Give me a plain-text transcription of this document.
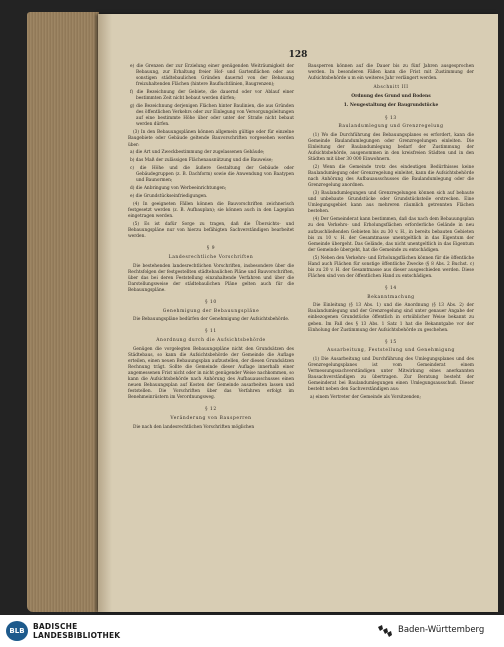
128
e) die Grenzen der zur Erzielung einer genügenden Weiträumigkeit der Bebauung, zur Erhaltung freier Hof- und Gartenflächen oder aus sonstigen städtebaulichen Gründen dauernd von der Bebauung freizuhaltenden Flächen (hintere Baufluchtlinien, Baugrenzen);
f) die Bezeichnung der Gebiete, die dauernd oder vor Ablauf einer bestimmten Zeit nicht bebaut werden dürfen;
g) die Bezeichnung derjenigen Flächen hinter Baulinien, die aus Gründen des öffentlichen Verkehrs oder zur Einlegung von Versorgungsleitungen auf eine bestimmte Höhe über oder unter der Straße nicht bebaut werden dürfen.
(3) In den Bebauungsplänen können allgemein gültige oder für einzelne Baugebiete oder Gebäude geltende Bauvorschriften vorgesehen werden über:
a) die Art und Zweckbestimmung der zugelassenen Gebäude;
b) das Maß der zulässigen Flächenausnützung und die Bauweise;
c) die Höhe und die äußere Gestaltung der Gebäude oder Gebäudegruppen (z. B. Dachform) sowie die Anwendung von Baatypen und Baunormen;
d) die Anbringung von Werbeeinrichtungen;
e) die Grundstückseinfriedigungen.
(4) In geeigneten Fällen können die Bauvorschriften zeichnerisch festgesetzt werden (z. B. Aufbauplan); sie können auch in den Lageplan eingetragen werden.
(5) Es ist dafür Sorge zu tragen, daß die Übersichts- und Bebauungspläne nur von hierzu befähigten Sachverständigen bearbeitet werden.
§ 9
Landesrechtliche Vorschriften
Die bestehenden landesrechtlichen Vorschriften, insbesondere über die Rechtsfolgen der festgestellten städtebaulichen Pläne und Bauvorschriften, über das bei deren Feststellung einzuhaltende Verfahren und über die Darstellungsweise der städtebaulichen Pläne gelten auch für die Bebauungspläne.
§ 10
Genehmigung der Bebauungspläne
Die Bebauungspläne bedürfen der Genehmigung der Aufsichtsbehörde.
§ 11
Anordnung durch die Aufsichtsbehörde
Genügen die vorgelegten Bebauungspläne nicht den Grundsätzen des Städtebaus, so kann die Aufsichtsbehörde der Gemeinde die Auflage erteilen, einen neuen Bebauungsplan aufzustellen, der diesen Grundsätzen Rechnung trägt. Sollte die Gemeinde dieser Auflage innerhalb einer angemessenen Frist nicht oder in nicht genügender Weise nachkommen, so kann die Aufsichtsbehörde nach Anhörung des Aufbauausschusses einen neuen Bebauungsplan auf Kosten der Gemeinde ausarbeiten lassen und feststellen. Die Vorschriften über das Verfahren erfolgt im Benehmeinrüstern im Verordnungsweg.
§ 12
Veränderung von Bausperren
Die nach den landesrechtlichen Vorschriften möglichen
Bausperren können auf die Dauer bis zu fünf Jahren ausgesprochen werden. In besonderen Fällen kann die Frist mit Zustimmung der Aufsichtsbehörde u m ein weiteres Jahr verlängert werden.
Abschnitt III
Ordnung des Grund und Bodens
1. Neugestaltung der Baugrundstücke
§ 13
Baulandumlegung und Grenzregelung
(1) Wo die Durchführung des Bebauungsplanes es erfordert, kann die Gemeinde Baulandumlegungen oder Grenzregelungen einleiten. Die Einleitung der Baulandumlegung bedarf der Zustimmung der Aufsichtsbehörde, ausgenommen in den kreisfreien Städten und in den Städten mit über 30 000 Einwohnern.
(2) Wenn die Gemeinde trotz des eindeutigen Bedürfnisses keine Baulandumlegung oder Grenzregelung einleitet, kann die Aufsichtsbehörde nach Anhörung des Aufbauausschusses die Baulandumlegung oder die Grenzregelung anordnen.
(3) Baulandumlegungen und Grenzregelungen können sich auf bebaute und unbebaute Grundstücke oder Grundstücksteile erstrecken. Eine Umlegungsgebiet kann aus mehreren räumlich getrennten Flächen bestehen.
(4) Der Gemeinderat kann bestimmen, daß das nach dem Bebauungsplan zu den Verkehrs- und Erholungsflächen erforderliche Gelände in neu aufzuschließenden Gebieten bis zu 30 v. H., in bereits bebauten Gebieten bis zu 10 v. H. der Gesamtmasse unentgeltlich in das Eigentum der Gemeinde übergeht. Das Gelände, das nicht unentgeltlich in das Eigentum der Gemeinde übergeht, hat die Gemeinde zu entschädigen.
(5) Neben den Verkehrs- und Erholungsflächen können für die öffentliche Hand auch Flächen für sonstige öffentliche Zwecke (§ 8 Abs. 2 Buchst. c) bis zu 20 v. H. der Gesamtmasse aus dieser ausgeschieden werden. Diese Flächen sind von der öffentlichen Hand zu entschädigen.
§ 14
Bekanntmachung
Die Einleitung (§ 13 Abs. 1) und die Anordnung (§ 13 Abs. 2) der Baulandumlegung und der Grenzregelung sind unter genauer Angabe der einbezogenen Grundstücke öffentlich in ortsüblicher Weise bekannt zu geben. Im Fall des § 13 Abs. 1 Satz 1 hat die Bekanntgabe vor der Einholung der Zustimmung der Aufsichtsbehörde zu geschehen.
§ 15
Ausarbeitung, Feststellung und Genehmigung
(1) Die Ausarbeitung und Durchführung des Umlegungsplanes und des Grenzregelungsplanes ist vom Gemeinderat einem Vermessungssachverständigen unter Mitwirkung eines anerkannten Bausachverständigen zu übertragen. Zur Beratung besteht der Gemeinderat bei Baulandumlegungen einen Umlegungsausschuß. Dieser besteht neben den Sachverständigen aus:
a) einem Vertreter der Gemeinde als Vorsitzenden;
BLB	BADISCHE
LANDESBIBLIOTHEK
Baden-Württemberg
